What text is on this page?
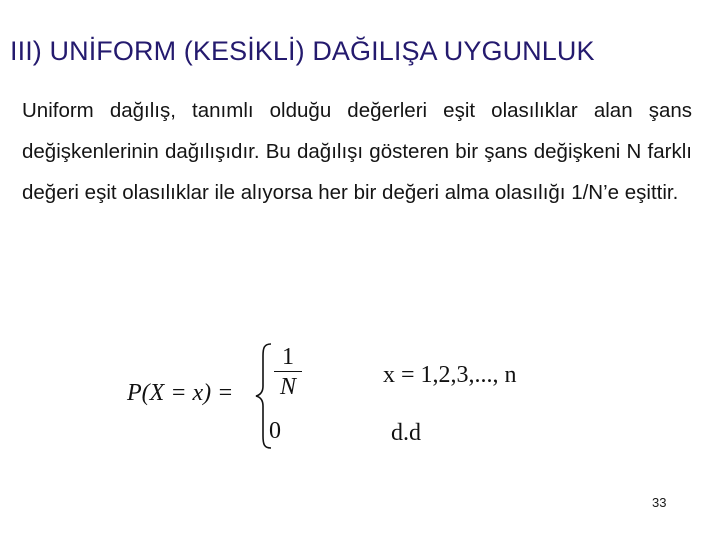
III) UNİFORM (KESİKLİ) DAĞILIŞA UYGUNLUK
Uniform dağılış, tanımlı olduğu değerleri eşit olasılıklar alan şans değişkenlerinin dağılışıdır. Bu dağılışı gösteren bir şans değişkeni N farklı değeri eşit olasılıklar ile alıyorsa her bir değeri alma olasılığı 1/N’e eşittir.
P(X = x) =
1
N
0
x = 1,2,3,..., n
d.d
33
